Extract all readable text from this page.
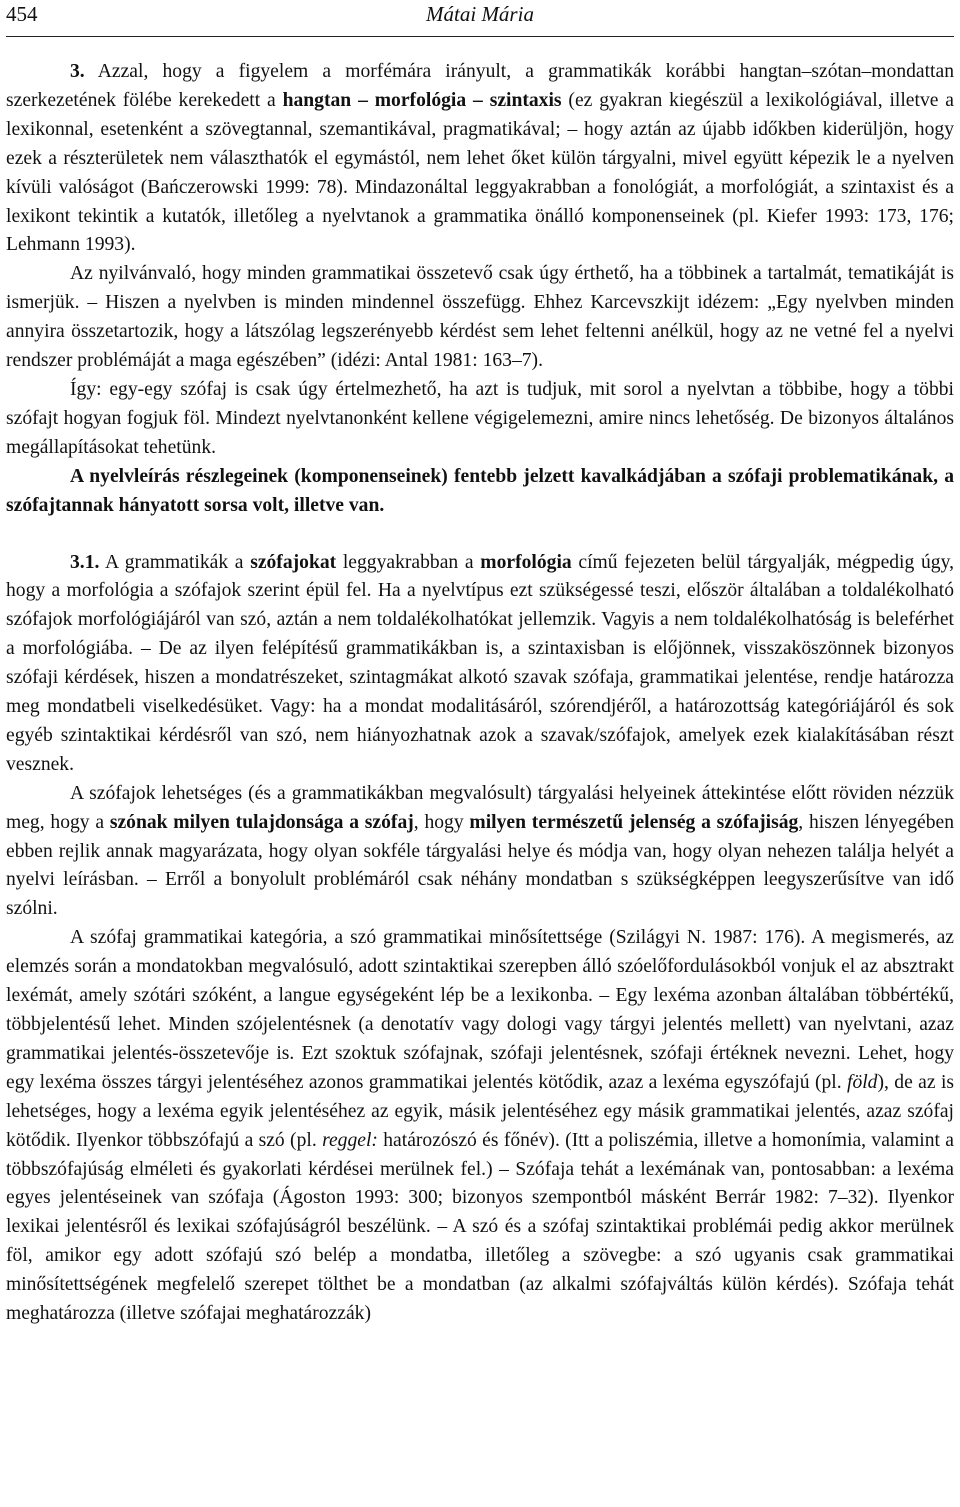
454	Mátai Mária

3. Azzal, hogy a figyelem a morfémára irányult, a grammatikák korábbi hangtan–szótan–mondattan szerkezetének fölébe kerekedett a hangtan – morfológia – szintaxis (ez gyakran kiegészül a lexikológiával, illetve a lexikonnal, esetenként a szövegtannal, szemantikával, pragmatikával; – hogy aztán az újabb időkben kiderüljön, hogy ezek a részterületek nem választhatók el egymástól, nem lehet őket külön tárgyalni, mivel együtt képezik le a nyelven kívüli valóságot (Bańczerowski 1999: 78). Mindazonáltal leggyakrabban a fonológiát, a morfológiát, a szintaxist és a lexikont tekintik a kutatók, illetőleg a nyelvtanok a grammatika önálló komponenseinek (pl. Kiefer 1993: 173, 176; Lehmann 1993).

Az nyilvánvaló, hogy minden grammatikai összetevő csak úgy érthető, ha a többinek a tartalmát, tematikáját is ismerjük. – Hiszen a nyelvben is minden mindennel összefügg. Ehhez Karcevszkijt idézem: „Egy nyelvben minden annyira összetartozik, hogy a látszólag legszerényebb kérdést sem lehet feltenni anélkül, hogy az ne vetné fel a nyelvi rendszer problémáját a maga egészében” (idézi: Antal 1981: 163–7).

Így: egy-egy szófaj is csak úgy értelmezhető, ha azt is tudjuk, mit sorol a nyelvtan a többibe, hogy a többi szófajt hogyan fogjuk föl. Mindezt nyelvtanonként kellene végigelemezni, amire nincs lehetőség. De bizonyos általános megállapításokat tehetünk.

A nyelvleírás részlegeinek (komponenseinek) fentebb jelzett kavalkádjában a szófaji problematikának, a szófajtannak hányatott sorsa volt, illetve van.

3.1. A grammatikák a szófajokat leggyakrabban a morfológia című fejezeten belül tárgyalják, mégpedig úgy, hogy a morfológia a szófajok szerint épül fel. Ha a nyelvtípus ezt szükségessé teszi, először általában a toldalékolható szófajok morfológiájáról van szó, aztán a nem toldalékolhatókat jellemzik. Vagyis a nem toldalékolhatóság is beleférhet a morfológiába. – De az ilyen felépítésű grammatikákban is, a szintaxisban is előjönnek, visszaköszönnek bizonyos szófaji kérdések, hiszen a mondatrészeket, szintagmákat alkotó szavak szófaja, grammatikai jelentése, rendje határozza meg mondatbeli viselkedésüket. Vagy: ha a mondat modalitásáról, szórendjéről, a határozottság kategóriájáról és sok egyéb szintaktikai kérdésről van szó, nem hiányozhatnak azok a szavak/szófajok, amelyek ezek kialakításában részt vesznek.

A szófajok lehetséges (és a grammatikákban megvalósult) tárgyalási helyeinek áttekintése előtt röviden nézzük meg, hogy a szónak milyen tulajdonsága a szófaj, hogy milyen természetű jelenség a szófajiság, hiszen lényegében ebben rejlik annak magyarázata, hogy olyan sokféle tárgyalási helye és módja van, hogy olyan nehezen találja helyét a nyelvi leírásban. – Erről a bonyolult problémáról csak néhány mondatban s szükségképpen leegyszerűsítve van idő szólni.

A szófaj grammatikai kategória, a szó grammatikai minősítettsége (Szilágyi N. 1987: 176). A megismerés, az elemzés során a mondatokban megvalósuló, adott szintaktikai szerepben álló szóelőfordulásokból vonjuk el az absztrakt lexémát, amely szótári szóként, a langue egységeként lép be a lexikonba. – Egy lexéma azonban általában többértékű, többjelentésű lehet. Minden szójelentésnek (a denotatív vagy dologi vagy tárgyi jelentés mellett) van nyelvtani, azaz grammatikai jelentés-összetevője is. Ezt szoktuk szófajnak, szófaji jelentésnek, szófaji értéknek nevezni. Lehet, hogy egy lexéma összes tárgyi jelentéséhez azonos grammatikai jelentés kötődik, azaz a lexéma egyszófajú (pl. föld), de az is lehetséges, hogy a lexéma egyik jelentéséhez az egyik, másik jelentéséhez egy másik grammatikai jelentés, azaz szófaj kötődik. Ilyenkor többszófajú a szó (pl. reggel: határozószó és főnév). (Itt a poliszémia, illetve a homonímia, valamint a többszófajúság elméleti és gyakorlati kérdései merülnek fel.) – Szófaja tehát a lexémának van, pontosabban: a lexéma egyes jelentéseinek van szófaja (Ágoston 1993: 300; bizonyos szempontból másként Berrár 1982: 7–32). Ilyenkor lexikai jelentésről és lexikai szófajúságról beszélünk. – A szó és a szófaj szintaktikai problémái pedig akkor merülnek föl, amikor egy adott szófajú szó belép a mondatba, illetőleg a szövegbe: a szó ugyanis csak grammatikai minősítettségének megfelelő szerepet tölthet be a mondatban (az alkalmi szófajváltás külön kérdés). Szófaja tehát meghatározza (illetve szófajai meghatározzák)
